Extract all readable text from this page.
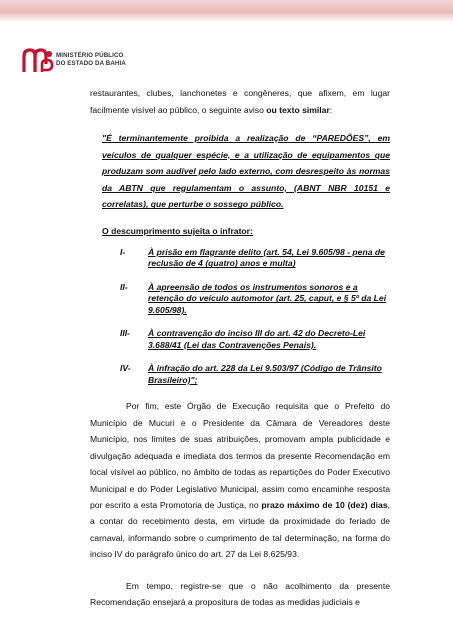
MINISTÉRIO PÚBLICO
DO ESTADO DA BAHIA

restaurantes, clubes, lanchonetes e congêneres, que afixem, em lugar facilmente visível ao público, o seguinte aviso ou texto similar:

"É terminantemente proibida a realização de “PAREDÕES”, em veículos de qualquer espécie, e a utilização de equipamentos que produzam som audível pelo lado externo, com desrespeito às normas da ABTN que regulamentam o assunto, (ABNT NBR 10151 e correlatas), que perturbe o sossego público.

O descumprimento sujeita o infrator:

I-	À prisão em flagrante delito (art. 54, Lei 9.605/98 - pena de reclusão de 4 (quatro) anos e multa)
II-	À apreensão de todos os instrumentos sonoros e a retenção do veículo automotor (art. 25, caput, e § 5º da Lei 9.605/98).
III-	À contravenção do inciso III do art. 42 do Decreto-Lei 3.688/41 (Lei das Contravenções Penais).
IV-	À infração do art. 228 da Lei 9.503/97 (Código de Trânsito Brasileiro)";

Por fim, este Órgão de Execução requisita que o Prefeito do Município de Mucuri e o Presidente da Câmara de Vereadores deste Município, nos limites de suas atribuições, promovam ampla publicidade e divulgação adequada e imediata dos termos da presente Recomendação em local visível ao público, no âmbito de todas as repartições do Poder Executivo Municipal e do Poder Legislativo Municipal, assim como encaminhe resposta por escrito a esta Promotoria de Justiça, no prazo máximo de 10 (dez) dias, a contar do recebimento desta, em virtude da proximidade do feriado de carnaval, informando sobre o cumprimento de tal determinação, na forma do inciso IV do parágrafo único do art. 27 da Lei 8.625/93.

Em tempo, registre-se que o não acolhimento da presente Recomendação ensejará a propositura de todas as medidas judiciais e
